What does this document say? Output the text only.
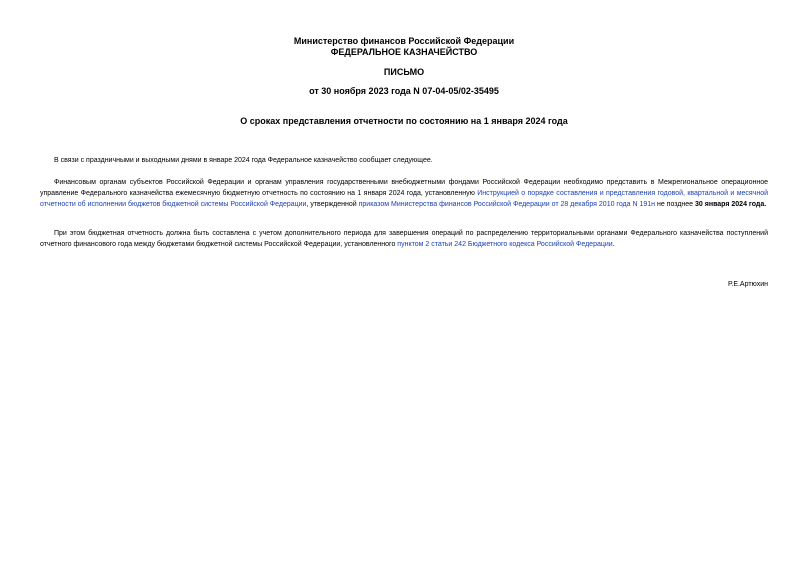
Министерство финансов Российской Федерации
ФЕДЕРАЛЬНОЕ КАЗНАЧЕЙСТВО
ПИСЬМО
от 30 ноября 2023 года N 07-04-05/02-35495
О сроках представления отчетности по состоянию на 1 января 2024 года

В связи с праздничными и выходными днями в январе 2024 года Федеральное казначейство сообщает следующее.

Финансовым органам субъектов Российской Федерации и органам управления государственными внебюджетными фондами Российской Федерации необходимо представить в Межрегиональное операционное управление Федерального казначейства ежемесячную бюджетную отчетность по состоянию на 1 января 2024 года, установленную Инструкцией о порядке составления и представления годовой, квартальной и месячной отчетности об исполнении бюджетов бюджетной системы Российской Федерации, утвержденной приказом Министерства финансов Российской Федерации от 28 декабря 2010 года N 191н не позднее 30 января 2024 года.

При этом бюджетная отчетность должна быть составлена с учетом дополнительного периода для завершения операций по распределению территориальными органами Федерального казначейства поступлений отчетного финансового года между бюджетами бюджетной системы Российской Федерации, установленного пунктом 2 статьи 242 Бюджетного кодекса Российской Федерации.

Р.Е.Артюхин
